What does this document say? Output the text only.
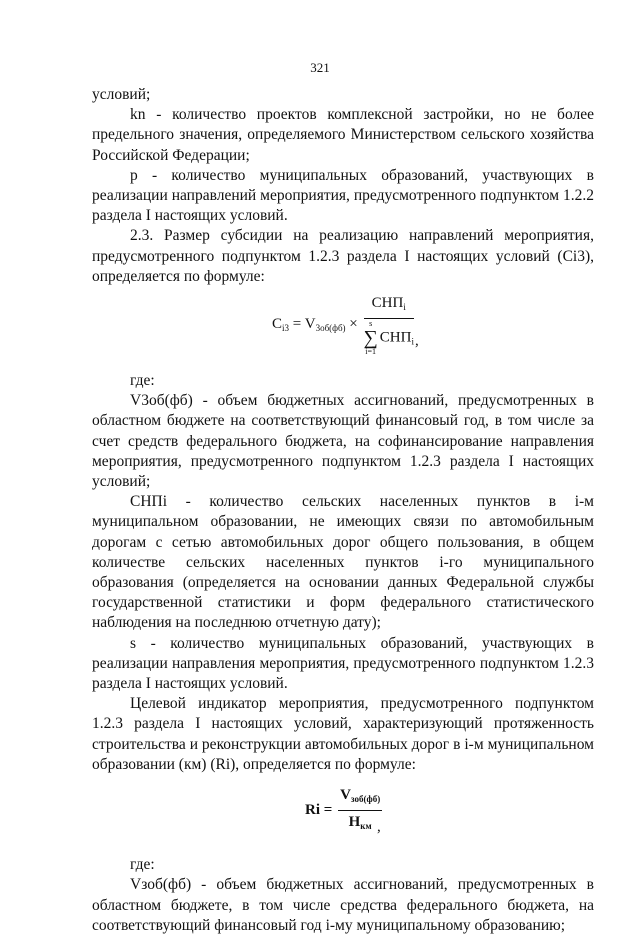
321

условий;

kn - количество проектов комплексной застройки, но не более предельного значения, определяемого Министерством сельского хозяйства Российской Федерации;

p - количество муниципальных образований, участвующих в реализации направлений мероприятия, предусмотренного подпунктом 1.2.2 раздела I настоящих условий.

2.3. Размер субсидии на реализацию направлений мероприятия, предусмотренного подпунктом 1.2.3 раздела I настоящих условий (Ci3), определяется по формуле:

$C_{i3} = V_{3об(фб)} \times СНП_i$
s
∑
i=1
$СНП_i$ ,

где:

V3об(фб) - объем бюджетных ассигнований, предусмотренных в областном бюджете на соответствующий финансовый год, в том числе за счет средств федерального бюджета, на софинансирование направления мероприятия, предусмотренного подпунктом 1.2.3 раздела I настоящих условий;

СНПi - количество сельских населенных пунктов в i-м муниципальном образовании, не имеющих связи по автомобильным дорогам с сетью автомобильных дорог общего пользования, в общем количестве сельских населенных пунктов i-го муниципального образования (определяется на основании данных Федеральной службы государственной статистики и форм федерального статистического наблюдения на последнюю отчетную дату);

s - количество муниципальных образований, участвующих в реализации направления мероприятия, предусмотренного подпунктом 1.2.3 раздела I настоящих условий.

Целевой индикатор мероприятия, предусмотренного подпунктом 1.2.3 раздела I настоящих условий, характеризующий протяженность строительства и реконструкции автомобильных дорог в i-м муниципальном образовании (км) (Ri), определяется по формуле:

$Ri = \frac{V_{зоб(фб)}}{H_{км}}$
,

где:

Vзоб(фб) - объем бюджетных ассигнований, предусмотренных в областном бюджете, в том числе средства федерального бюджета, на соответствующий финансовый год i-му муниципальному образованию;
